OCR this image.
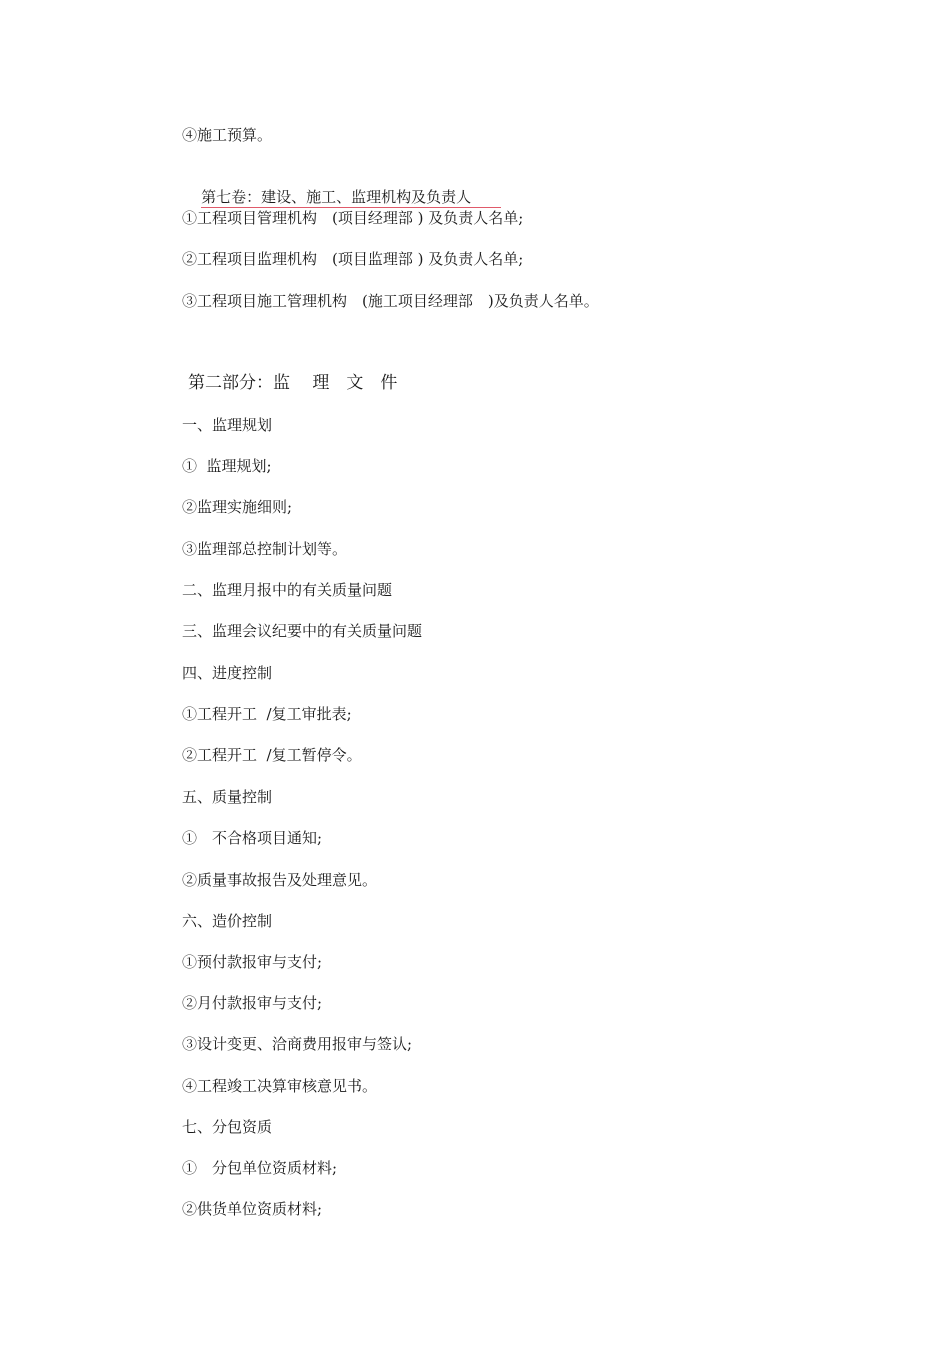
④施工预算。

第七卷：建设、施工、监理机构及负责人

①工程项目管理机构　(项目经理部 ) 及负责人名单;
②工程项目监理机构　(项目监理部 ) 及负责人名单;
③工程项目施工管理机构　(施工项目经理部　)及负责人名单。
第二部分：监　 理　文　件
一、监理规划
①  监理规划;
②监理实施细则;
③监理部总控制计划等。
二、监理月报中的有关质量问题
三、监理会议纪要中的有关质量问题
四、进度控制
①工程开工  /复工审批表;
②工程开工  /复工暂停令。
五、质量控制
①　不合格项目通知;
②质量事故报告及处理意见。
六、造价控制
①预付款报审与支付;
②月付款报审与支付;
③设计变更、洽商费用报审与签认;
④工程竣工决算审核意见书。
七、分包资质
①　分包单位资质材料;
②供货单位资质材料;
